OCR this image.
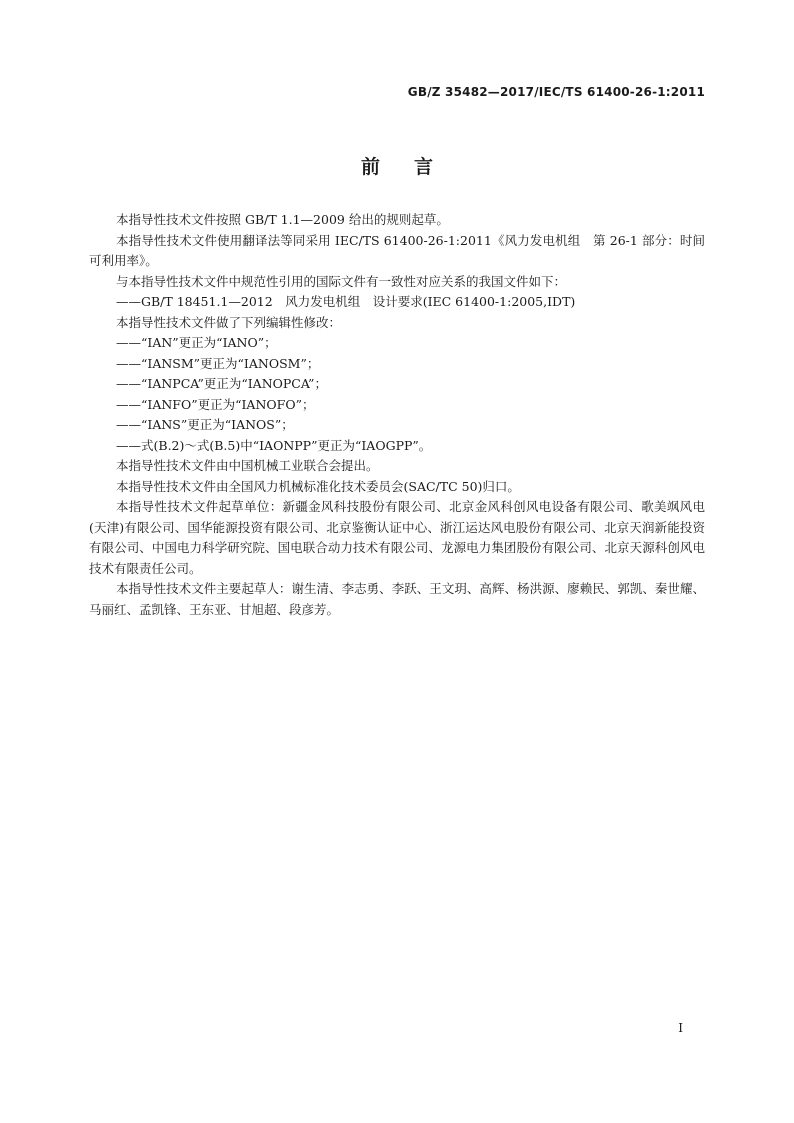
GB/Z 35482—2017/IEC/TS 61400-26-1:2011
前言

本指导性技术文件按照 GB/T 1.1—2009 给出的规则起草。

本指导性技术文件使用翻译法等同采用 IEC/TS 61400-26-1:2011《风力发电机组　第 26-1 部分：时间可利用率》。

与本指导性技术文件中规范性引用的国际文件有一致性对应关系的我国文件如下：

——GB/T 18451.1—2012　风力发电机组　设计要求(IEC 61400-1:2005,IDT)

本指导性技术文件做了下列编辑性修改：

——“IAN”更正为“IANO”；

——“IANSM”更正为“IANOSM”；

——“IANPCA”更正为“IANOPCA”；

——“IANFO”更正为“IANOFO”；

——“IANS”更正为“IANOS”；

——式(B.2)～式(B.5)中“IAONPP”更正为“IAOGPP”。

本指导性技术文件由中国机械工业联合会提出。

本指导性技术文件由全国风力机械标准化技术委员会(SAC/TC 50)归口。

本指导性技术文件起草单位：新疆金风科技股份有限公司、北京金风科创风电设备有限公司、歌美飒风电(天津)有限公司、国华能源投资有限公司、北京鉴衡认证中心、浙江运达风电股份有限公司、北京天润新能投资有限公司、中国电力科学研究院、国电联合动力技术有限公司、龙源电力集团股份有限公司、北京天源科创风电技术有限责任公司。

本指导性技术文件主要起草人：谢生清、李志勇、李跃、王文玥、高辉、杨洪源、廖赖民、郭凯、秦世耀、马丽红、孟凯锋、王东亚、甘旭超、段彦芳。

I
